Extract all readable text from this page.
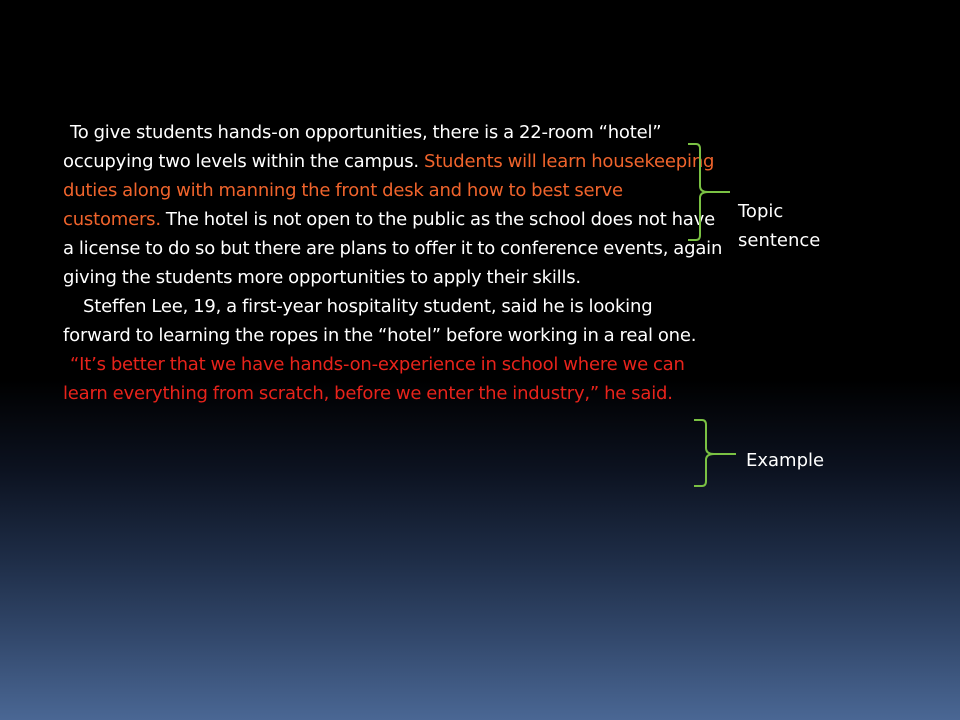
To give students hands-on opportunities, there is a 22-room “hotel” occupying two levels within the campus. Students will learn housekeeping duties along with manning the front desk and how to best serve customers. The hotel is not open to the public as the school does not have a license to do so but there are plans to offer it to conference events, again giving the students more opportunities to apply their skills.

Steffen Lee, 19, a first-year hospitality student, said he is looking forward to learning the ropes in the “hotel” before working in a real one.

“It’s better that we have hands-on-experience in school where we can learn everything from scratch, before we enter the industry,” he said.

Topic
sentence

Example
